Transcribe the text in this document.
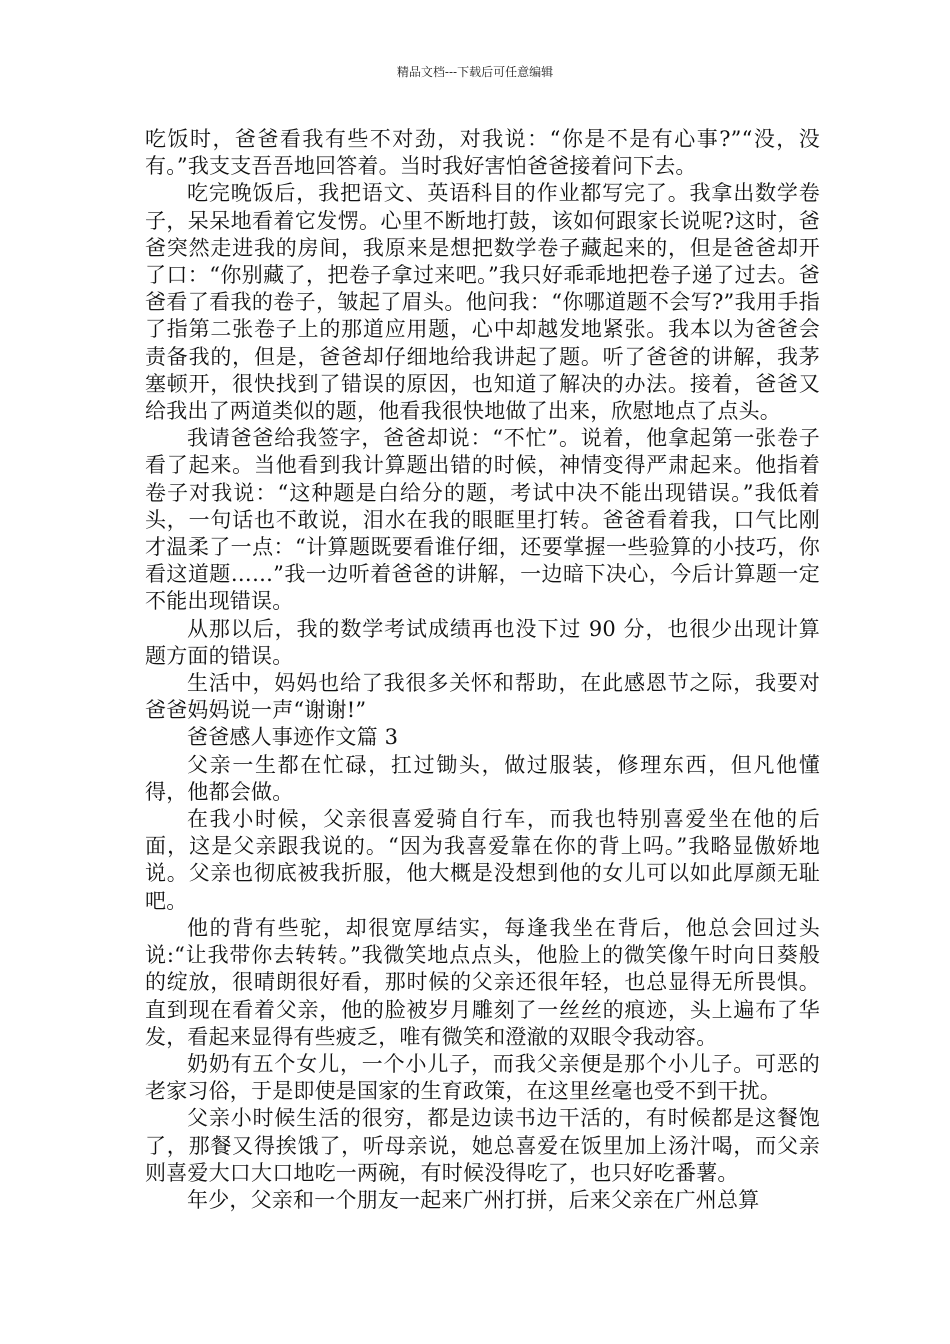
精品文档---下载后可任意编辑

吃饭时，爸爸看我有些不对劲，对我说：“你是不是有心事?”“没，没有。”我支支吾吾地回答着。当时我好害怕爸爸接着问下去。

吃完晚饭后，我把语文、英语科目的作业都写完了。我拿出数学卷子，呆呆地看着它发愣。心里不断地打鼓，该如何跟家长说呢?这时，爸爸突然走进我的房间，我原来是想把数学卷子藏起来的，但是爸爸却开了口：“你别藏了，把卷子拿过来吧。”我只好乖乖地把卷子递了过去。爸爸看了看我的卷子，皱起了眉头。他问我：“你哪道题不会写?”我用手指了指第二张卷子上的那道应用题，心中却越发地紧张。我本以为爸爸会责备我的，但是，爸爸却仔细地给我讲起了题。听了爸爸的讲解，我茅塞顿开，很快找到了错误的原因，也知道了解决的办法。接着，爸爸又给我出了两道类似的题，他看我很快地做了出来，欣慰地点了点头。

我请爸爸给我签字，爸爸却说：“不忙”。说着，他拿起第一张卷子看了起来。当他看到我计算题出错的时候，神情变得严肃起来。他指着卷子对我说：“这种题是白给分的题，考试中决不能出现错误。”我低着头，一句话也不敢说，泪水在我的眼眶里打转。爸爸看着我，口气比刚才温柔了一点：“计算题既要看谁仔细，还要掌握一些验算的小技巧，你看这道题……”我一边听着爸爸的讲解，一边暗下决心，今后计算题一定不能出现错误。

从那以后，我的数学考试成绩再也没下过 90 分，也很少出现计算题方面的错误。

生活中，妈妈也给了我很多关怀和帮助，在此感恩节之际，我要对爸爸妈妈说一声“谢谢!”

爸爸感人事迹作文篇 3

父亲一生都在忙碌，扛过锄头，做过服装，修理东西，但凡他懂得，他都会做。

在我小时候，父亲很喜爱骑自行车，而我也特别喜爱坐在他的后面，这是父亲跟我说的。“因为我喜爱靠在你的背上吗。”我略显傲娇地说。父亲也彻底被我折服，他大概是没想到他的女儿可以如此厚颜无耻吧。

他的背有些驼，却很宽厚结实，每逢我坐在背后，他总会回过头说:“让我带你去转转。”我微笑地点点头，他脸上的微笑像午时向日葵般的绽放，很晴朗很好看，那时候的父亲还很年轻，也总显得无所畏惧。直到现在看着父亲，他的脸被岁月雕刻了一丝丝的痕迹，头上遍布了华发，看起来显得有些疲乏，唯有微笑和澄澈的双眼令我动容。

奶奶有五个女儿，一个小儿子，而我父亲便是那个小儿子。可恶的老家习俗，于是即使是国家的生育政策，在这里丝毫也受不到干扰。

父亲小时候生活的很穷，都是边读书边干活的，有时候都是这餐饱了，那餐又得挨饿了，听母亲说，她总喜爱在饭里加上汤汁喝，而父亲则喜爱大口大口地吃一两碗，有时候没得吃了，也只好吃番薯。

年少，父亲和一个朋友一起来广州打拼，后来父亲在广州总算
